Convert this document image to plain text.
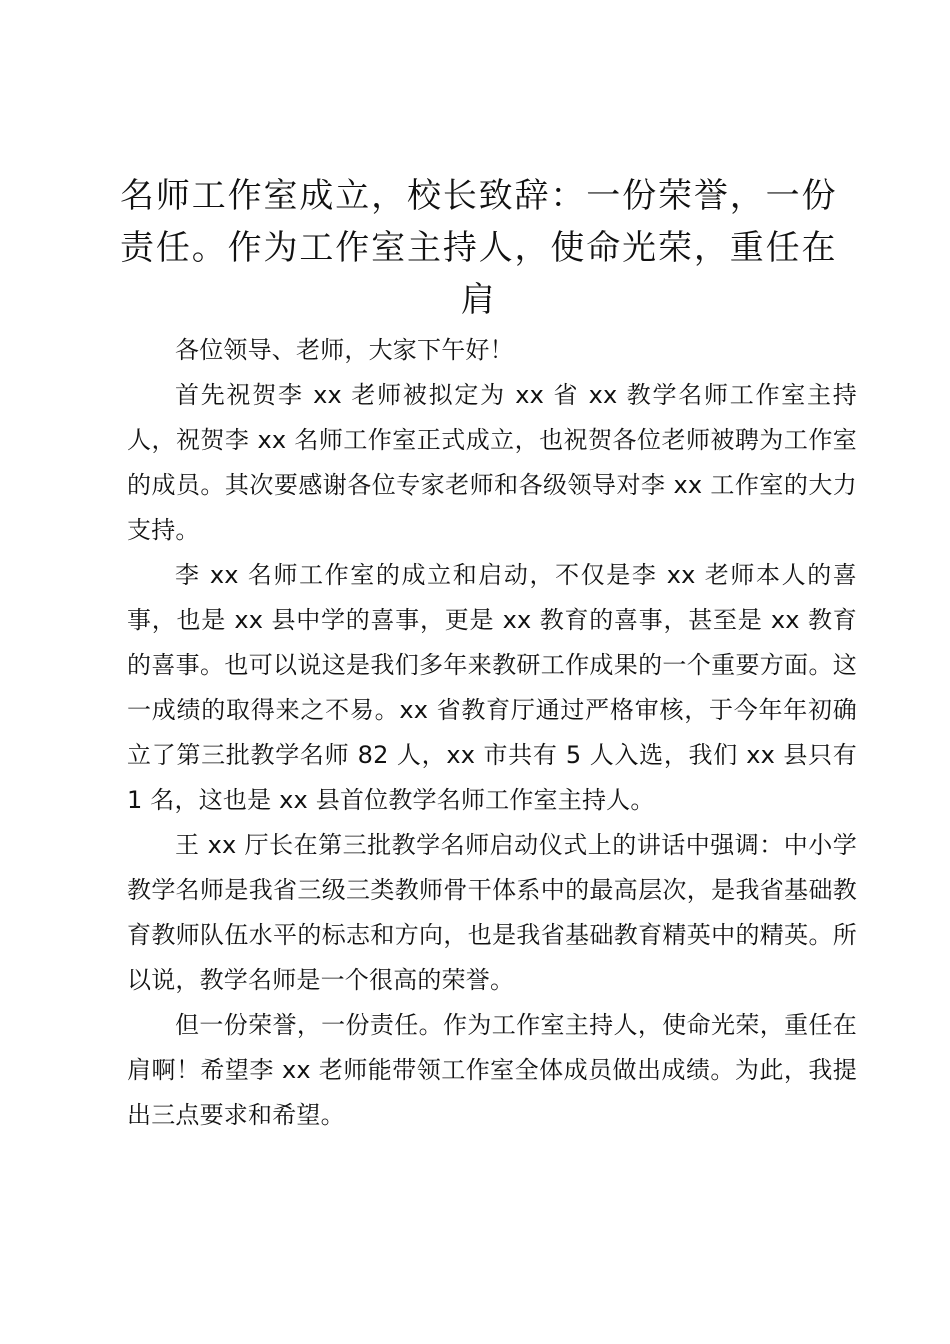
名师工作室成立，校长致辞：一份荣誉，一份责任。作为工作室主持人，使命光荣，重任在肩

各位领导、老师，大家下午好！

首先祝贺李 xx 老师被拟定为 xx 省 xx 教学名师工作室主持人，祝贺李 xx 名师工作室正式成立，也祝贺各位老师被聘为工作室的成员。其次要感谢各位专家老师和各级领导对李 xx 工作室的大力支持。

李 xx 名师工作室的成立和启动，不仅是李 xx 老师本人的喜事，也是 xx 县中学的喜事，更是 xx 教育的喜事，甚至是 xx 教育的喜事。也可以说这是我们多年来教研工作成果的一个重要方面。这一成绩的取得来之不易。xx 省教育厅通过严格审核，于今年年初确立了第三批教学名师 82 人，xx 市共有 5 人入选，我们 xx 县只有 1 名，这也是 xx 县首位教学名师工作室主持人。

王 xx 厅长在第三批教学名师启动仪式上的讲话中强调：中小学教学名师是我省三级三类教师骨干体系中的最高层次，是我省基础教育教师队伍水平的标志和方向，也是我省基础教育精英中的精英。所以说，教学名师是一个很高的荣誉。

但一份荣誉，一份责任。作为工作室主持人，使命光荣，重任在肩啊！希望李 xx 老师能带领工作室全体成员做出成绩。为此，我提出三点要求和希望。
